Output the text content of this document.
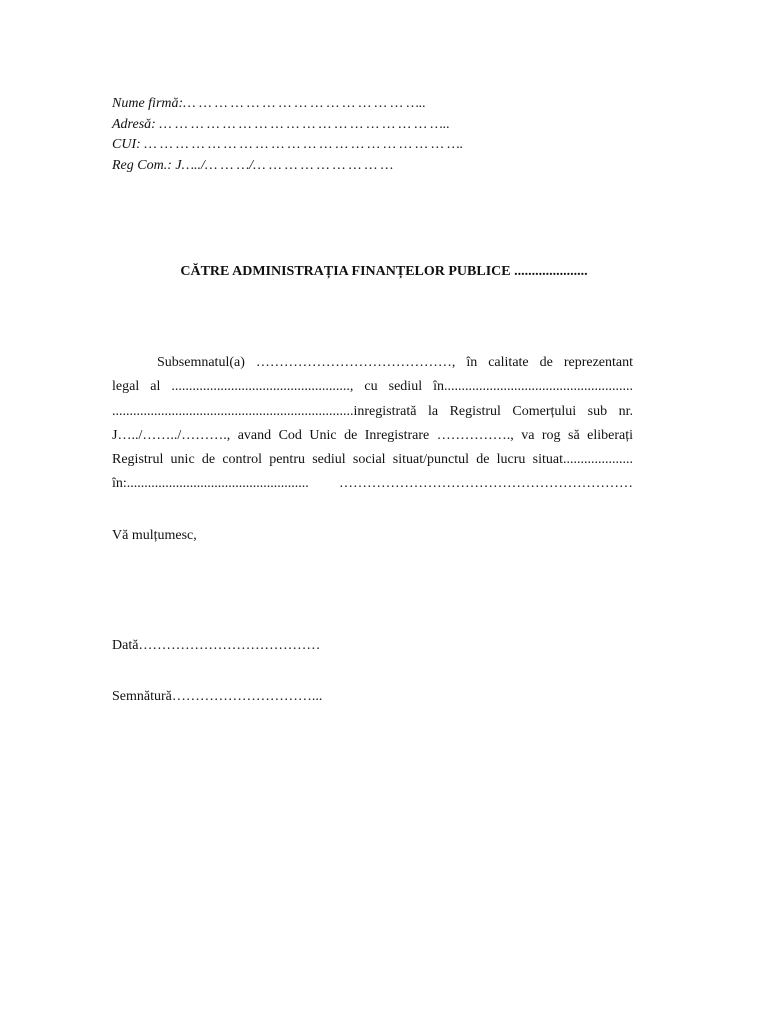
Nume firmă:… … … … … … … … … … … … … … …..
Adresă: … … … … … … … … … … … … … … … … … …..
CUI: … … … … … … … … … … … … … … … … … … … ….
Reg Com.: J…../… … …/… … … … … … … … …
CĂTRE ADMINISTRAȚIA FINANȚELOR PUBLICE .....................
Subsemnatul(a) ……………………………………, în calitate de reprezentant
legal al ..................................................., cu sediul în......................................................
.....................................................................inregistrată la Registrul Comerțului sub nr.
J…../……../………., avand Cod Unic de Inregistrare ……………., va rog să eliberați
Registrul unic de control pentru sediul social situat/punctul de lucru situat....................
în:.................................................... ………………………………………………………
Vă mulțumesc,
Dată…………………………………
Semnătură…………………………...
